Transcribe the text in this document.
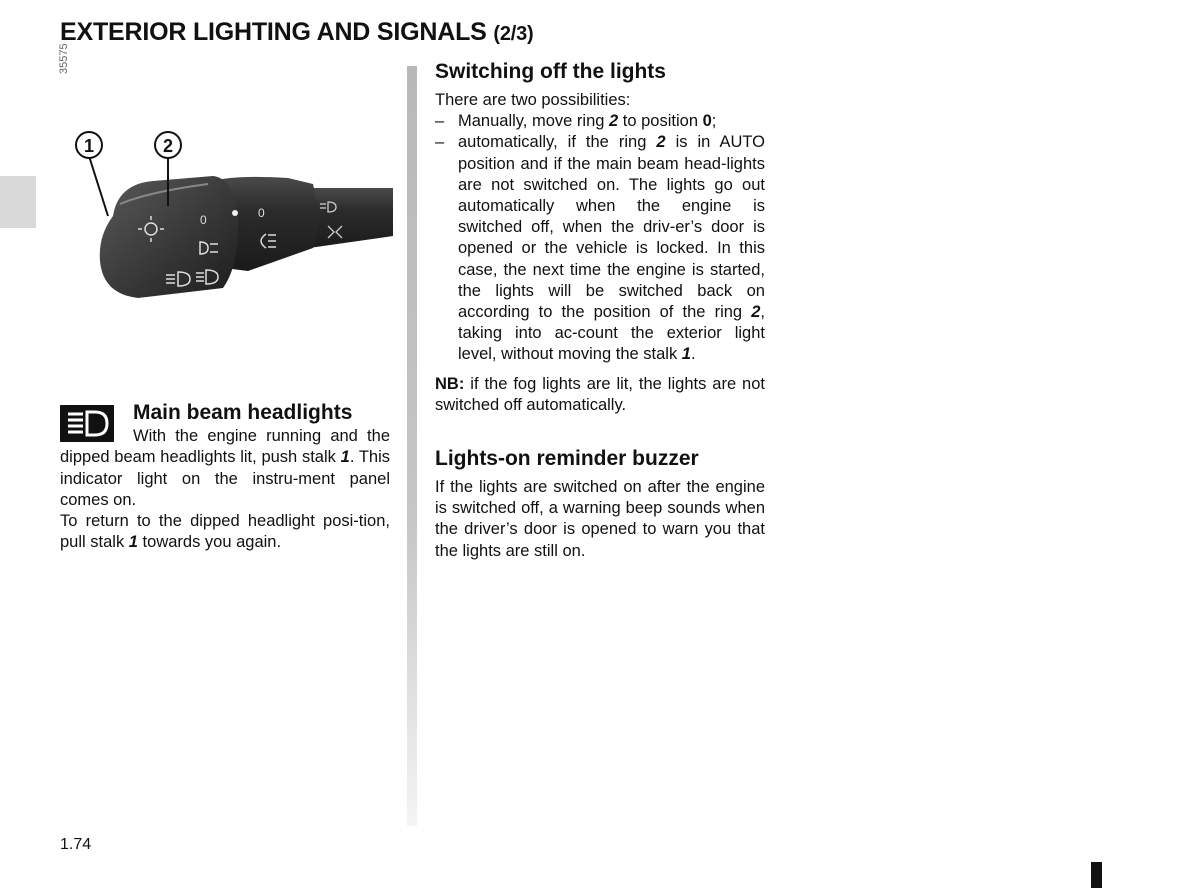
EXTERIOR LIGHTING AND SIGNALS (2/3)
35575
0	0
1	2
Main beam headlights

With the engine running and the dipped beam headlights lit, push stalk 1. This indicator light on the instru-ment panel comes on.

To return to the dipped headlight posi-tion, pull stalk 1 towards you again.

Switching off the lights

There are two possibilities:

– Manually, move ring 2 to position 0;
– automatically, if the ring 2 is in AUTO position and if the main beam head-lights are not switched on. The lights go out automatically when the engine is switched off, when the driv-er’s door is opened or the vehicle is locked. In this case, the next time the engine is started, the lights will be switched back on according to the position of the ring 2, taking into ac-count the exterior light level, without moving the stalk 1.

NB: if the fog lights are lit, the lights are not switched off automatically.

Lights-on reminder buzzer

If the lights are switched on after the engine is switched off, a warning beep sounds when the driver’s door is opened to warn you that the lights are still on.

1.74
